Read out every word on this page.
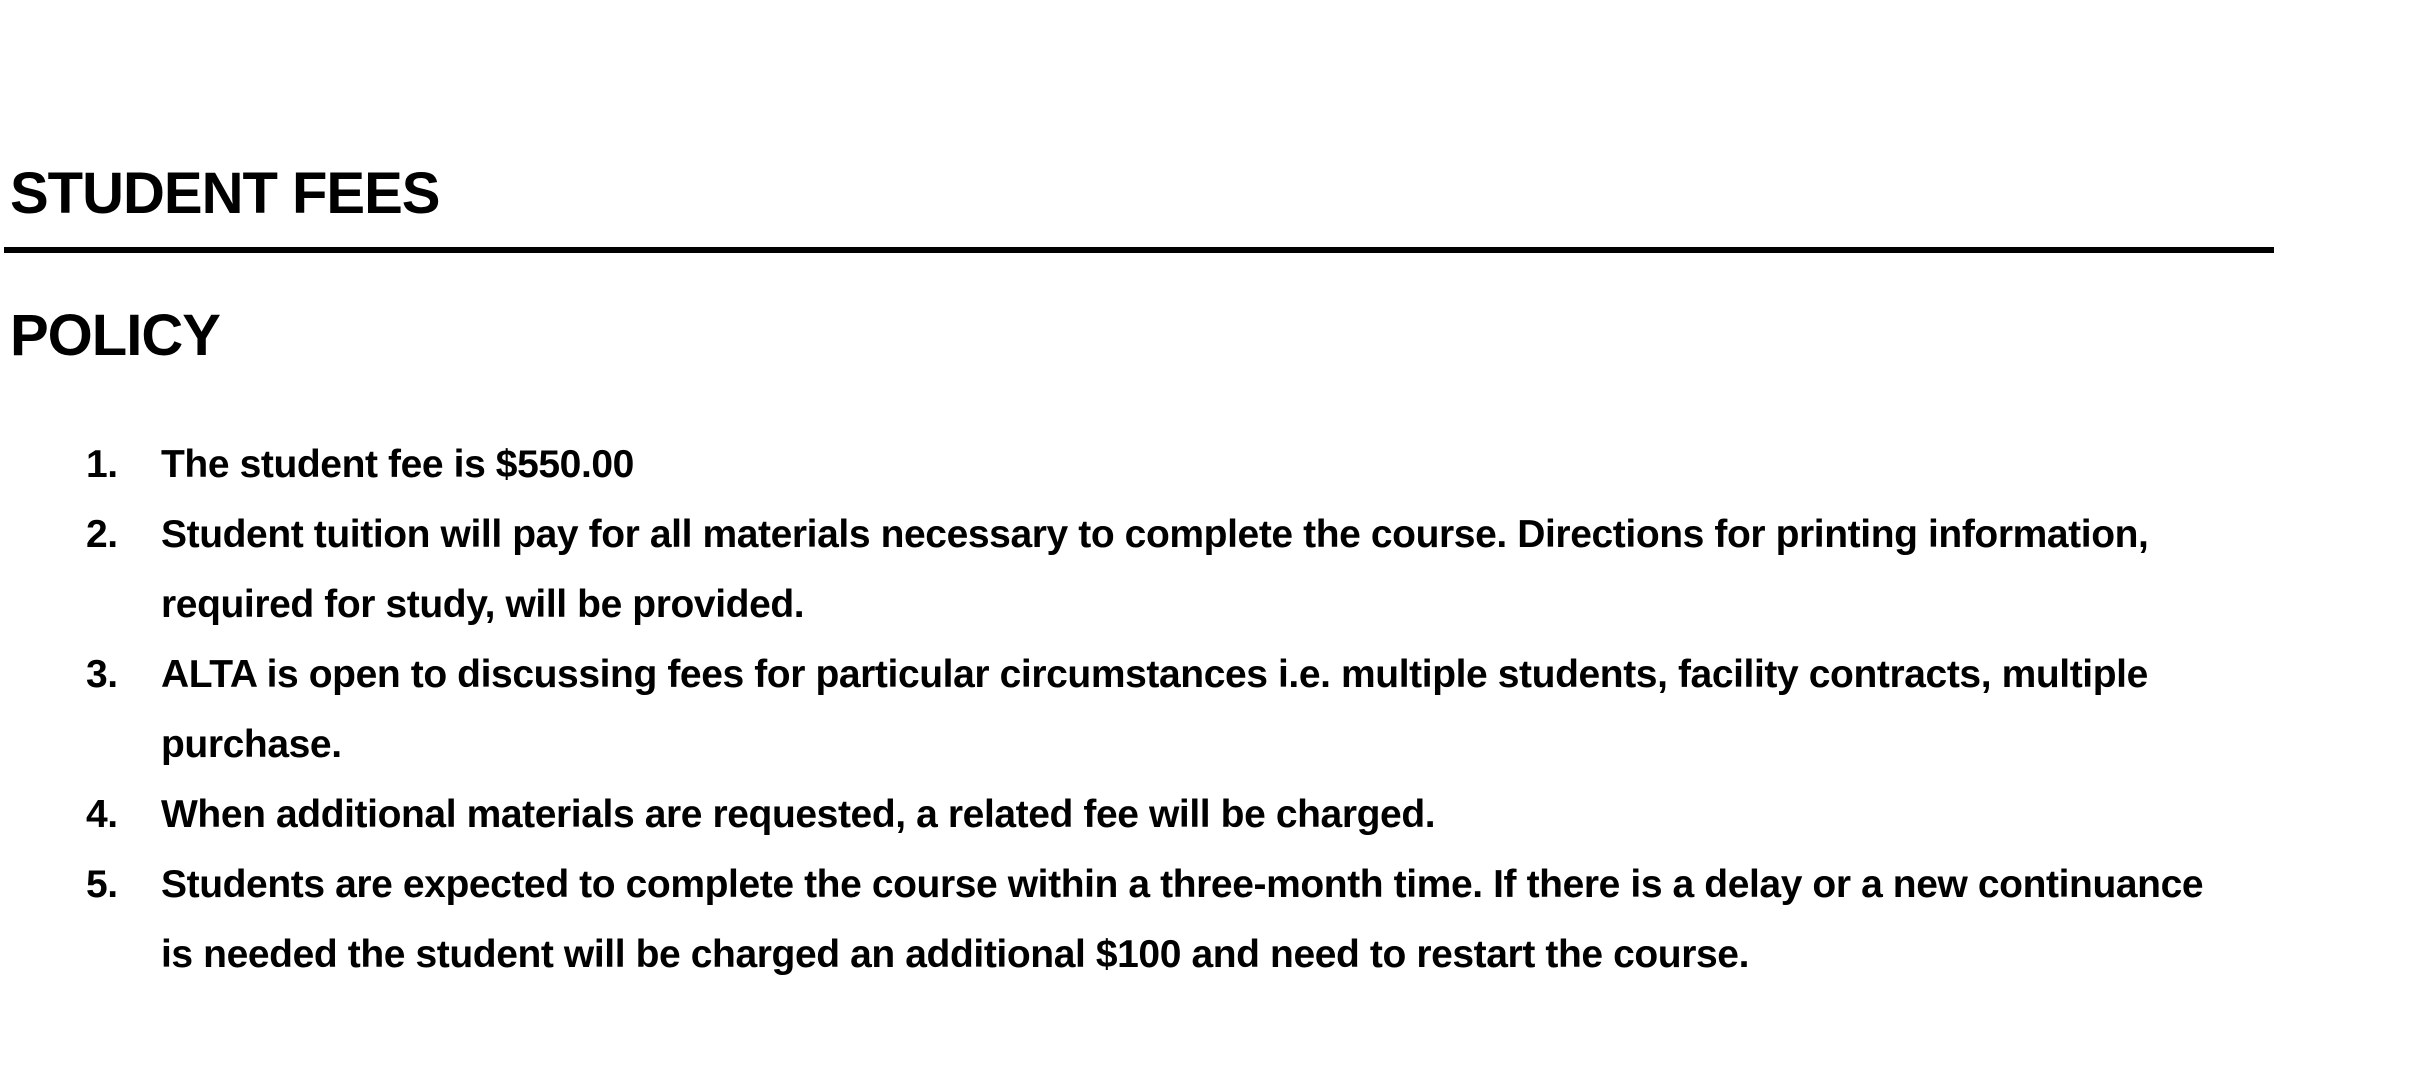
STUDENT FEES
POLICY
1. The student fee is $550.00
2. Student tuition will pay for all materials necessary to complete the course. Directions for printing information, required for study, will be provided.
3. ALTA is open to discussing fees for particular circumstances i.e. multiple students, facility contracts, multiple purchase.
4. When additional materials are requested, a related fee will be charged.
5. Students are expected to complete the course within a three-month time. If there is a delay or a new continuance is needed the student will be charged an additional $100 and need to restart the course.
